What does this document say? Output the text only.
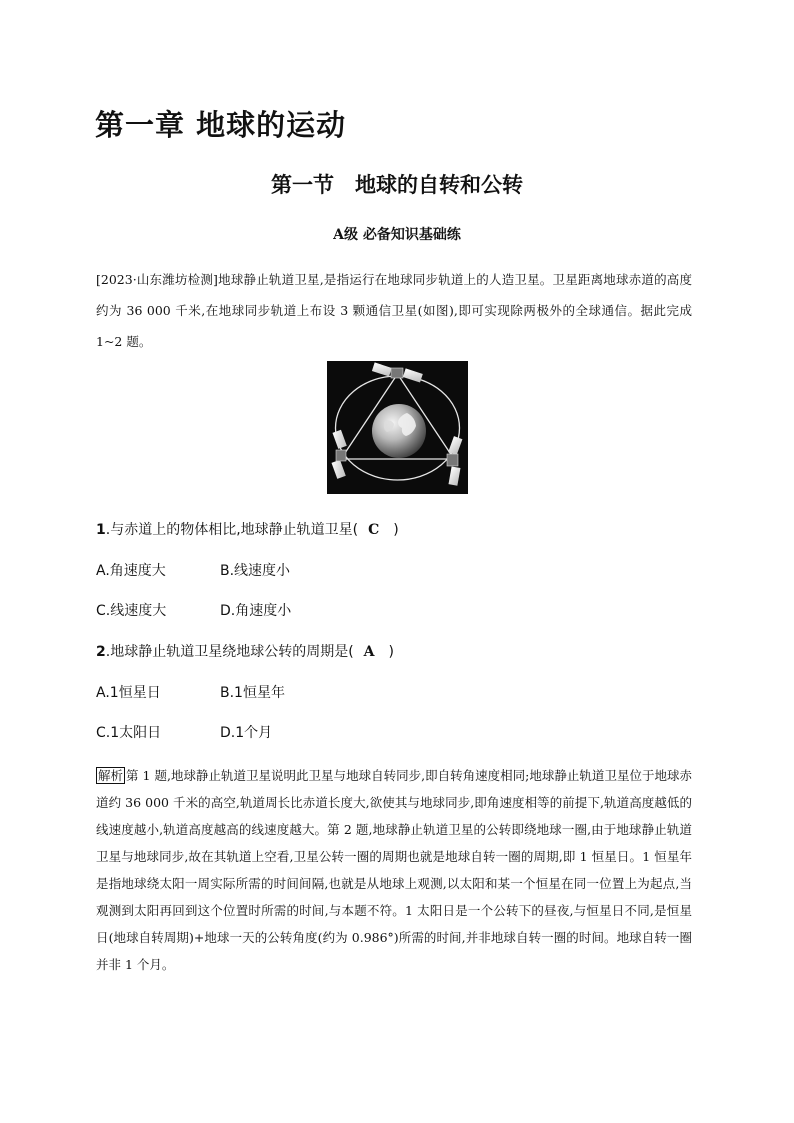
第一章 地球的运动
第一节　地球的自转和公转
A级 必备知识基础练

[2023·山东潍坊检测]地球静止轨道卫星,是指运行在地球同步轨道上的人造卫星。卫星距离地球赤道的高度约为 36 000 千米,在地球同步轨道上布设 3 颗通信卫星(如图),即可实现除两极外的全球通信。据此完成 1~2 题。

1.与赤道上的物体相比,地球静止轨道卫星( C )
A.角速度大	B.线速度小
C.线速度大	D.角速度小
2.地球静止轨道卫星绕地球公转的周期是( A )
A.1恒星日	B.1恒星年
C.1太阳日	D.1个月

解析 第 1 题,地球静止轨道卫星说明此卫星与地球自转同步,即自转角速度相同;地球静止轨道卫星位于地球赤道约 36 000 千米的高空,轨道周长比赤道长度大,欲使其与地球同步,即角速度相等的前提下,轨道高度越低的线速度越小,轨道高度越高的线速度越大。第 2 题,地球静止轨道卫星的公转即绕地球一圈,由于地球静止轨道卫星与地球同步,故在其轨道上空看,卫星公转一圈的周期也就是地球自转一圈的周期,即 1 恒星日。1 恒星年是指地球绕太阳一周实际所需的时间间隔,也就是从地球上观测,以太阳和某一个恒星在同一位置上为起点,当观测到太阳再回到这个位置时所需的时间,与本题不符。1 太阳日是一个公转下的昼夜,与恒星日不同,是恒星日(地球自转周期)+地球一天的公转角度(约为 0.986°)所需的时间,并非地球自转一圈的时间。地球自转一圈并非 1 个月。
